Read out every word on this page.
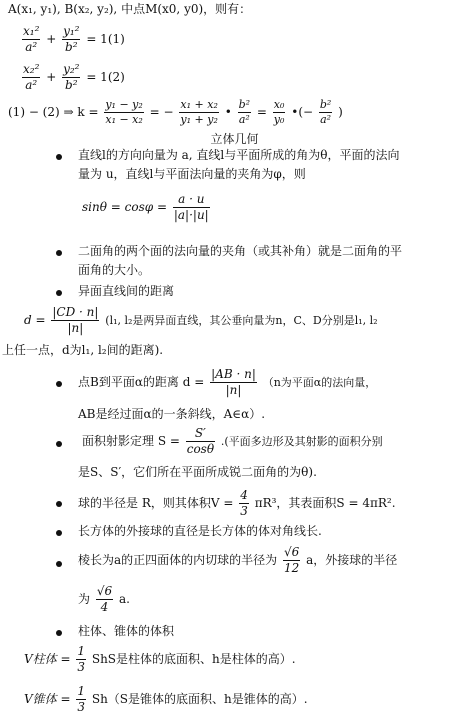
A(x₁, y₁), B(x₂, y₂), 中点M(x0, y0)，则有：
$\frac{\text{x₁²}}{\text{a²}} + \frac{\text{y₁²}}{\text{b²}} = 1(1)$
$\frac{\text{x₂²}}{\text{a²}} + \frac{\text{y₂²}}{\text{b²}} = 1(2)$
(1) − (2) ⇒ $k = \frac{\text{y₁ − y₂}}{\text{x₁ − x₂}}$ = − $\frac{\text{x₁ + x₂}}{\text{y₁ + y₂}}$ • $\frac{\text{b²}}{\text{a²}} = \frac{\text{x₀}}{\text{y₀}}$ •(− $\frac{\text{b²}}{\text{a²}}$ )
立体几何
直线l的方向向量为 a, 直线l与平面所成的角为θ，平面的法向
量为 u，直线l与平面法向量的夹角为φ，则
$\sin\theta = \cos\varphi = \frac{a \cdot u}{|a|\cdot|u|}$
二面角的两个面的法向量的夹角（或其补角）就是二面角的平
面角的大小。
异面直线间的距离
$d = \frac{|CD \cdot n|}{|n|} (l_1$, l₂是两异面直线，其公垂向量为n，C、D分别是l₁, l₂
上任一点，d为l₁, l₂间的距离).
点B到平面α的距离 $d = \frac{|AB \cdot n|}{|n|} (n$为平面α的法向量，
AB是经过面α的一条斜线，A∈α）.
面积射影定理 $S = \frac{S'}{\cos\theta}$ .(平面多边形及其射影的面积分别
是S、S′，它们所在平面所成锐二面角的为θ).
球的半径是 R，则其体积$V = \frac{4}{3} \pi R^3$，其表面积S = 4πR².
长方体的外接球的直径是长方体的体对角线长.
棱长为a的正四面体的内切球的半径为 $\frac{√6}{12}$ a，外接球的半径
为 $\frac{√6}{4} a$.
柱体、锥体的体积
V柱体 = $\frac{1}{3}$ ShS是柱体的底面积、h是柱体的高）.
V锥体 = $\frac{1}{3} Sh(S$是锥体的底面积、h是锥体的高）.
